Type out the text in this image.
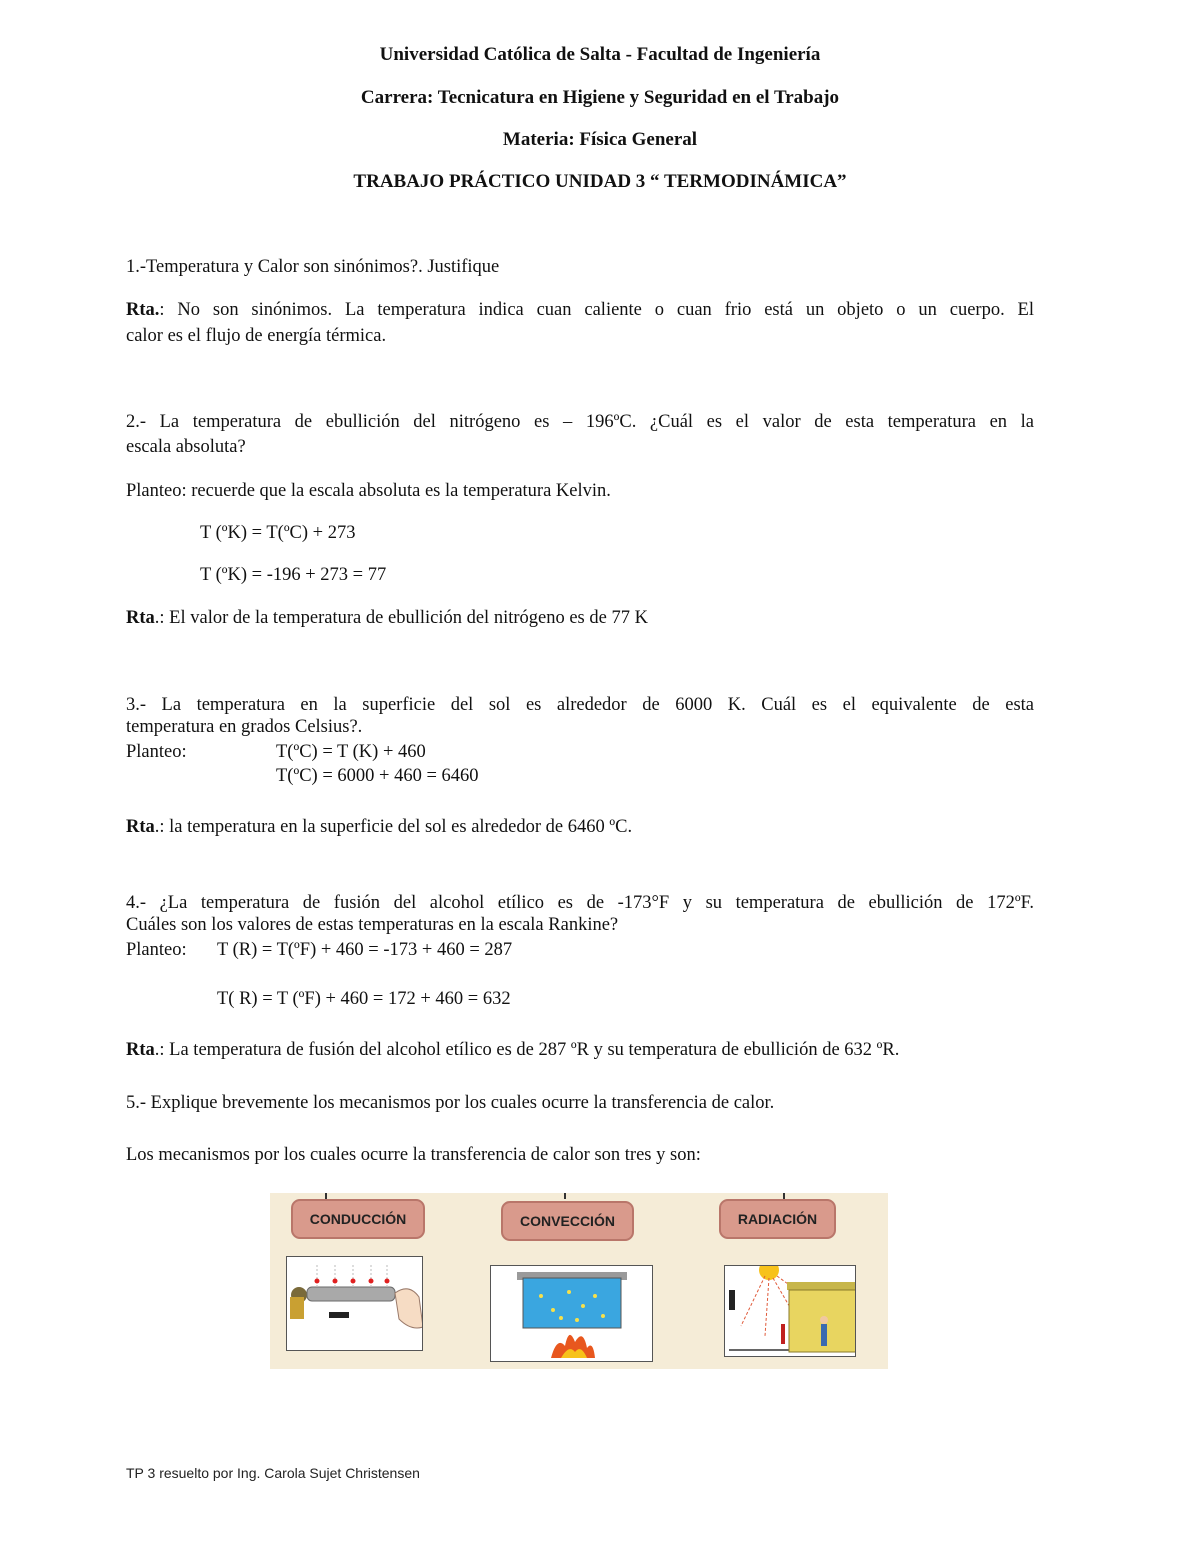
Universidad Católica de Salta - Facultad de Ingeniería
Carrera: Tecnicatura en Higiene y Seguridad en el Trabajo
Materia: Física General
TRABAJO PRÁCTICO UNIDAD 3 “ TERMODINÁMICA”
1.-Temperatura y Calor son sinónimos?. Justifique
Rta.: No son sinónimos. La temperatura indica cuan caliente o cuan frio está un objeto o un cuerpo. El
calor es el flujo de energía térmica.
2.- La temperatura de ebullición del nitrógeno es – 196ºC. ¿Cuál es el valor de esta temperatura en la
escala absoluta?
Planteo: recuerde que la escala absoluta es la temperatura Kelvin.
T (ºK) = T(ºC) + 273
T (ºK) = -196 + 273 = 77
Rta.: El valor de la temperatura de ebullición del nitrógeno es de 77 K
3.- La temperatura en la superficie del sol es alrededor de 6000 K. Cuál es el equivalente de esta
temperatura en grados Celsius?.
Planteo:	T(ºC) = T (K) + 460
T(ºC) = 6000 + 460 = 6460
Rta.: la temperatura en la superficie del sol es alrededor de 6460 ºC.
4.- ¿La temperatura de fusión del alcohol etílico es de -173°F y su temperatura de ebullición de 172ºF.
Cuáles son los valores de estas temperaturas en la escala Rankine?
Planteo: T (R) = T(ºF) + 460 = -173 + 460 = 287
T( R) = T (ºF) + 460 = 172 + 460 = 632
Rta.: La temperatura de fusión del alcohol etílico es de 287 ºR y su temperatura de ebullición de 632 ºR.
5.- Explique brevemente los mecanismos por los cuales ocurre la transferencia de calor.
Los mecanismos por los cuales ocurre la transferencia de calor son tres y son:
CONDUCCIÓN	CONVECCIÓN	RADIACIÓN
TP 3 resuelto por Ing. Carola Sujet Christensen
